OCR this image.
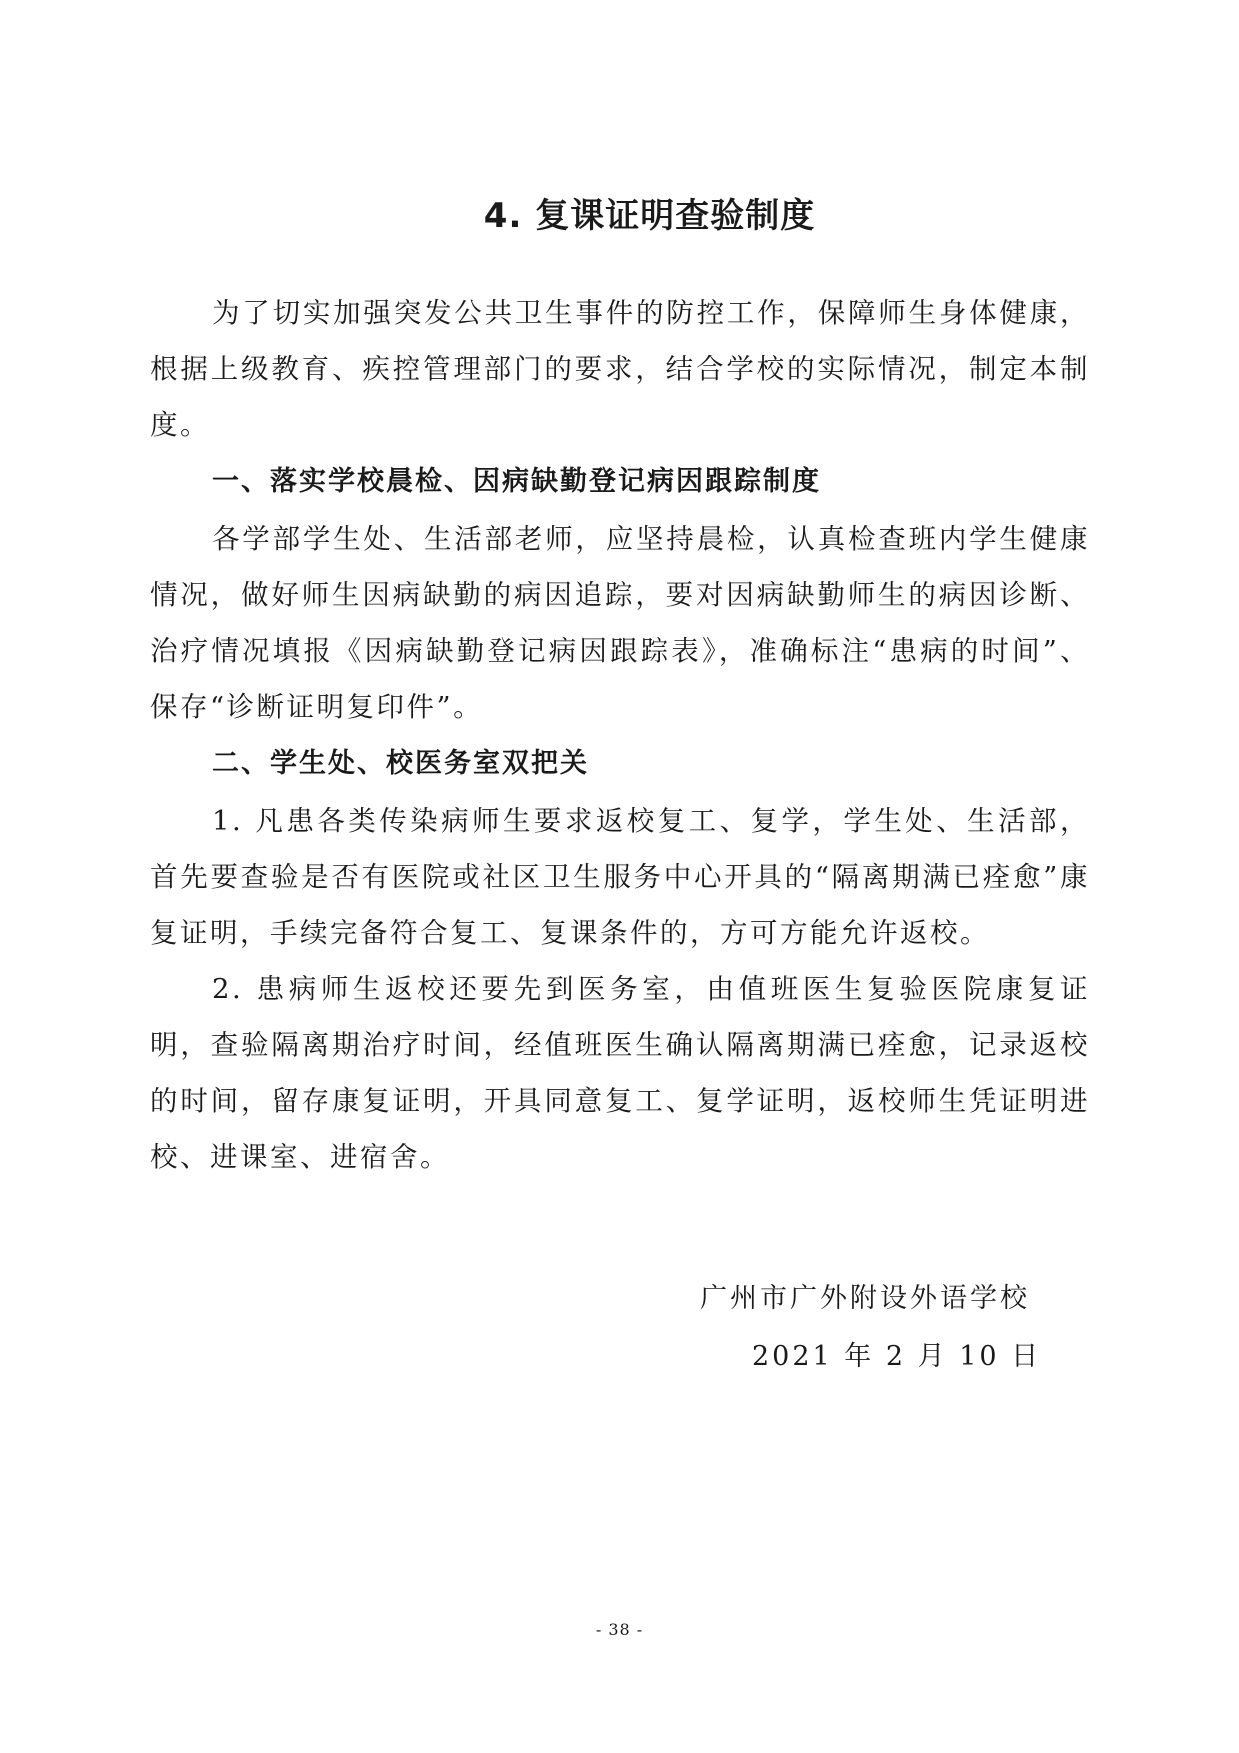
4. 复课证明查验制度

为了切实加强突发公共卫生事件的防控工作，保障师生身体健康，根据上级教育、疾控管理部门的要求，结合学校的实际情况，制定本制度。

一、落实学校晨检、因病缺勤登记病因跟踪制度

各学部学生处、生活部老师，应坚持晨检，认真检查班内学生健康情况，做好师生因病缺勤的病因追踪，要对因病缺勤师生的病因诊断、治疗情况填报《因病缺勤登记病因跟踪表》，准确标注“患病的时间”、保存“诊断证明复印件”。

二、学生处、校医务室双把关

1. 凡患各类传染病师生要求返校复工、复学，学生处、生活部，首先要查验是否有医院或社区卫生服务中心开具的“隔离期满已痊愈”康复证明，手续完备符合复工、复课条件的，方可方能允许返校。

2. 患病师生返校还要先到医务室，由值班医生复验医院康复证明，查验隔离期治疗时间，经值班医生确认隔离期满已痊愈，记录返校的时间，留存康复证明，开具同意复工、复学证明，返校师生凭证明进校、进课室、进宿舍。

广州市广外附设外语学校
2021 年 2 月 10 日
- 38 -
